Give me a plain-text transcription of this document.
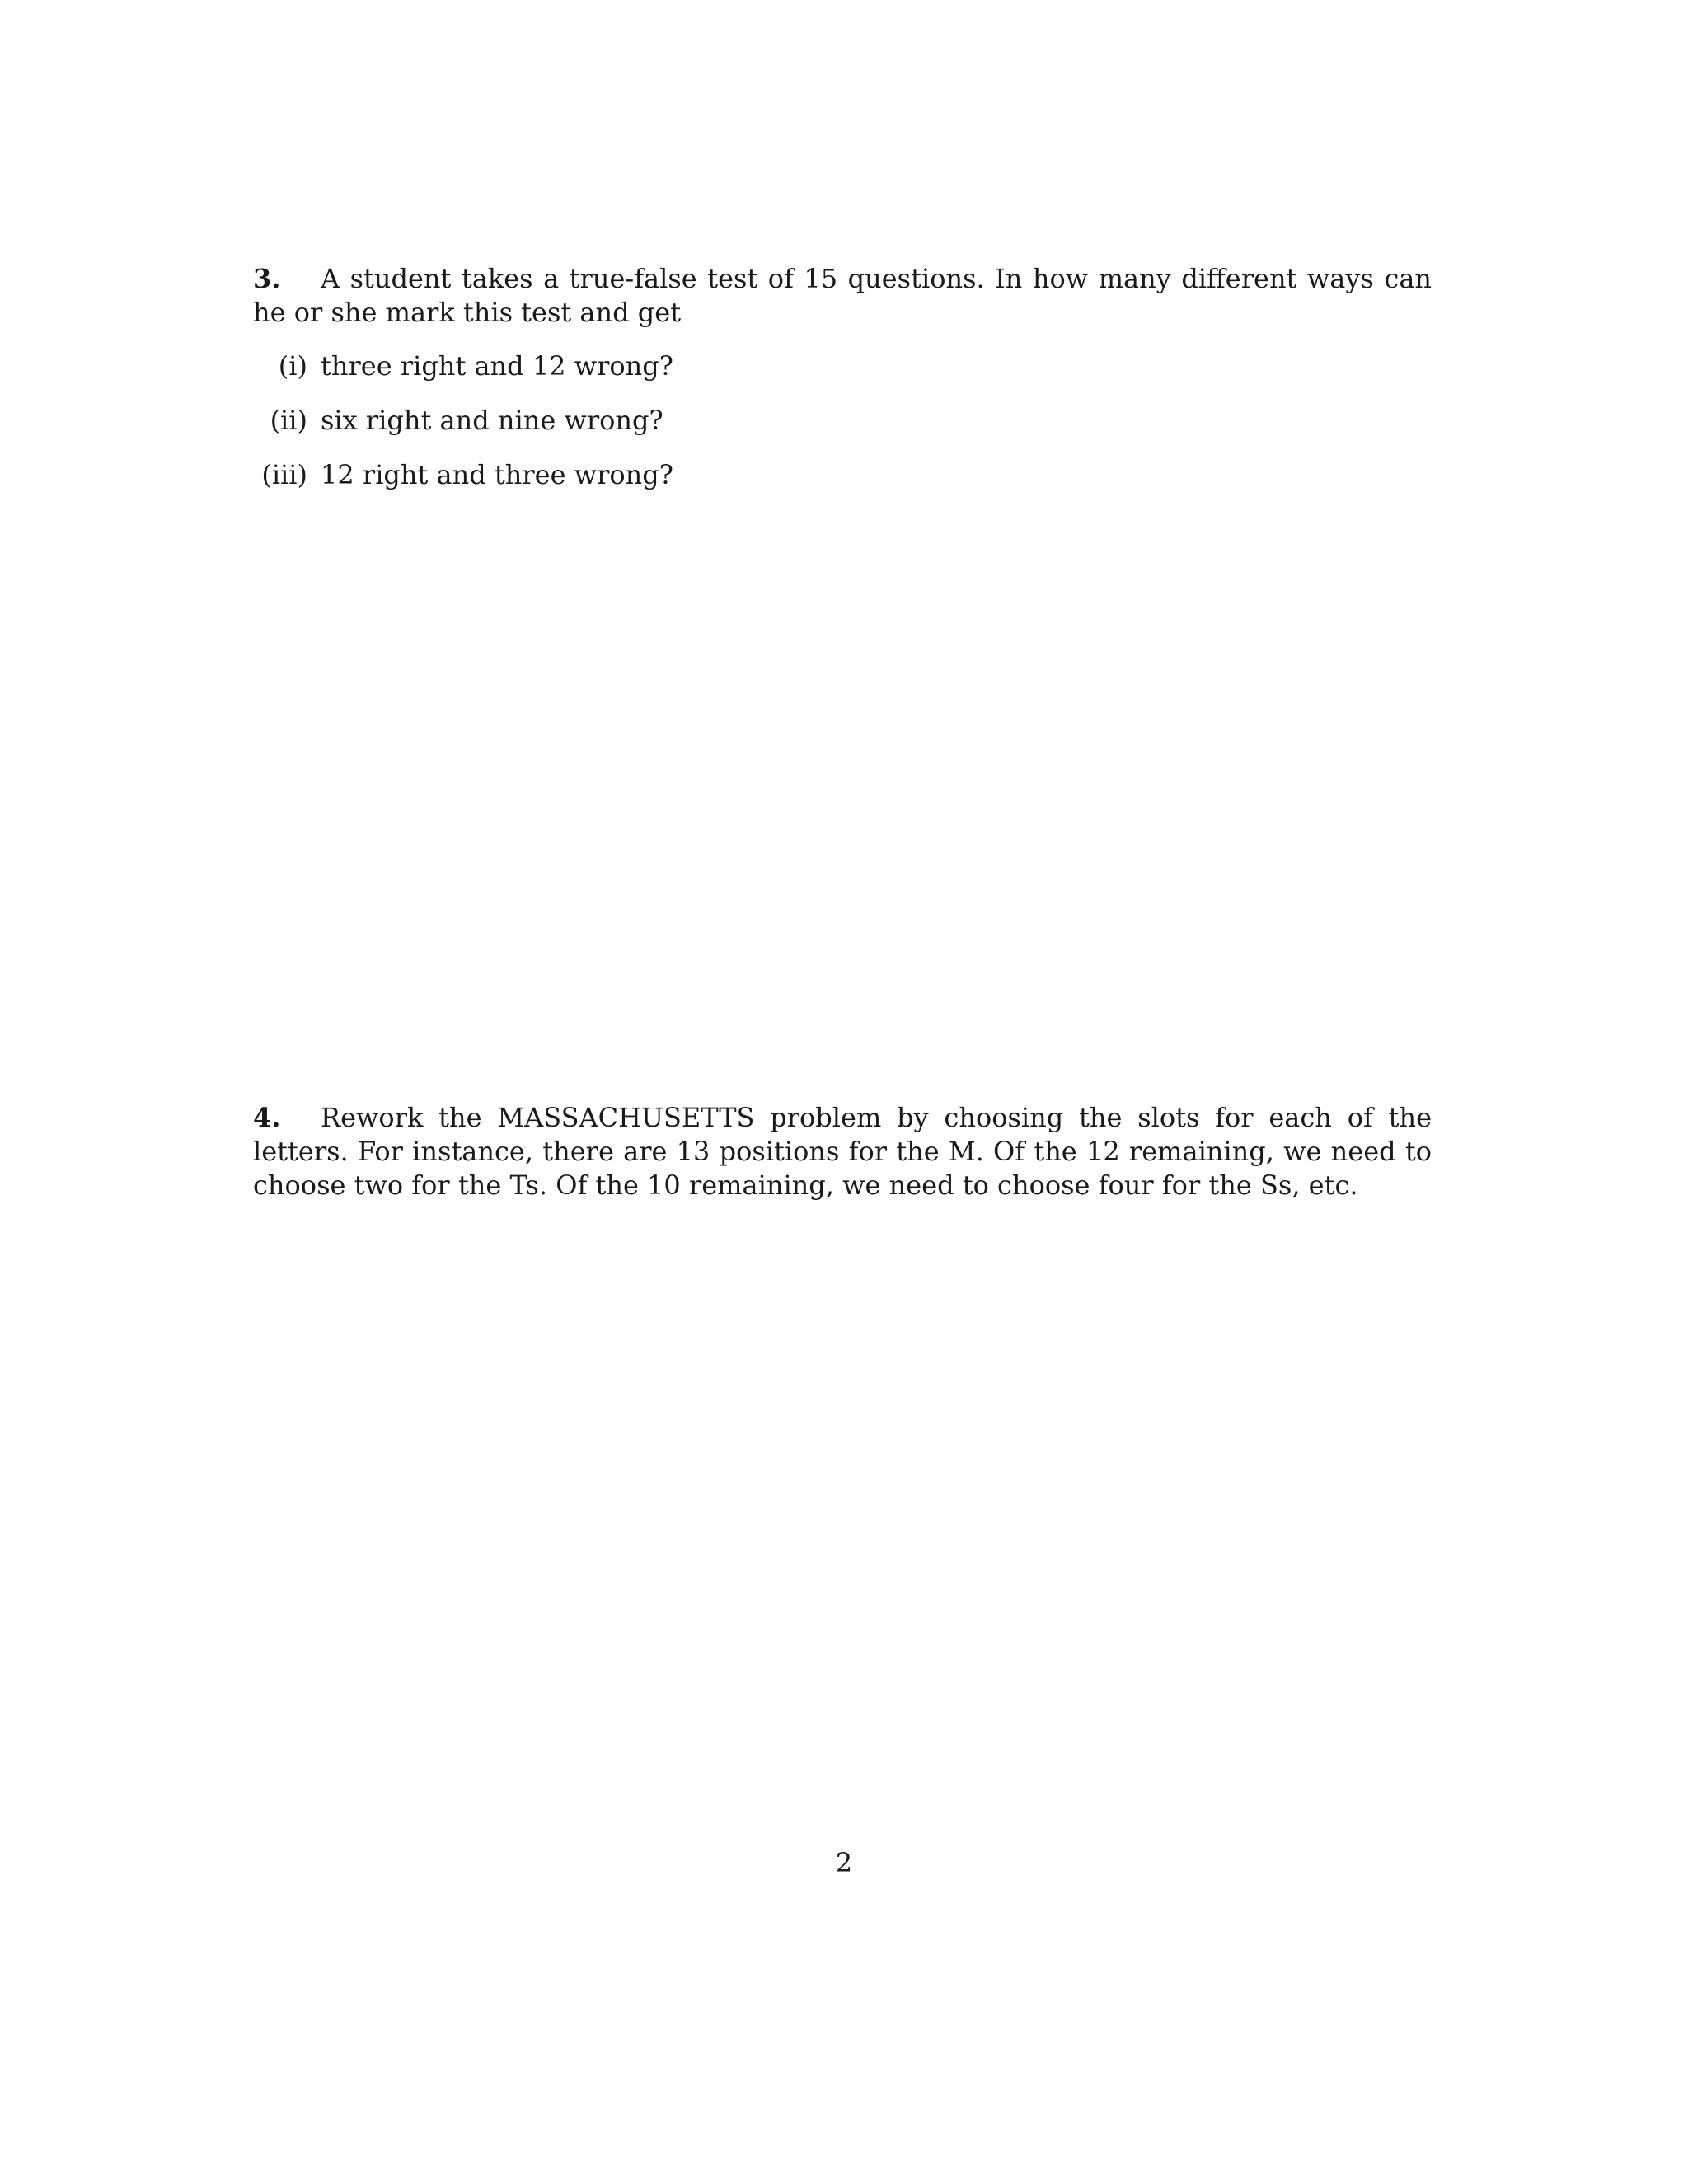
3. A student takes a true-false test of 15 questions. In how many different ways can he or she mark this test and get

(i) three right and 12 wrong?
(ii) six right and nine wrong?
(iii) 12 right and three wrong?

4. Rework the MASSACHUSETTS problem by choosing the slots for each of the letters. For instance, there are 13 positions for the M. Of the 12 remaining, we need to choose two for the Ts. Of the 10 remaining, we need to choose four for the Ss, etc.

2
